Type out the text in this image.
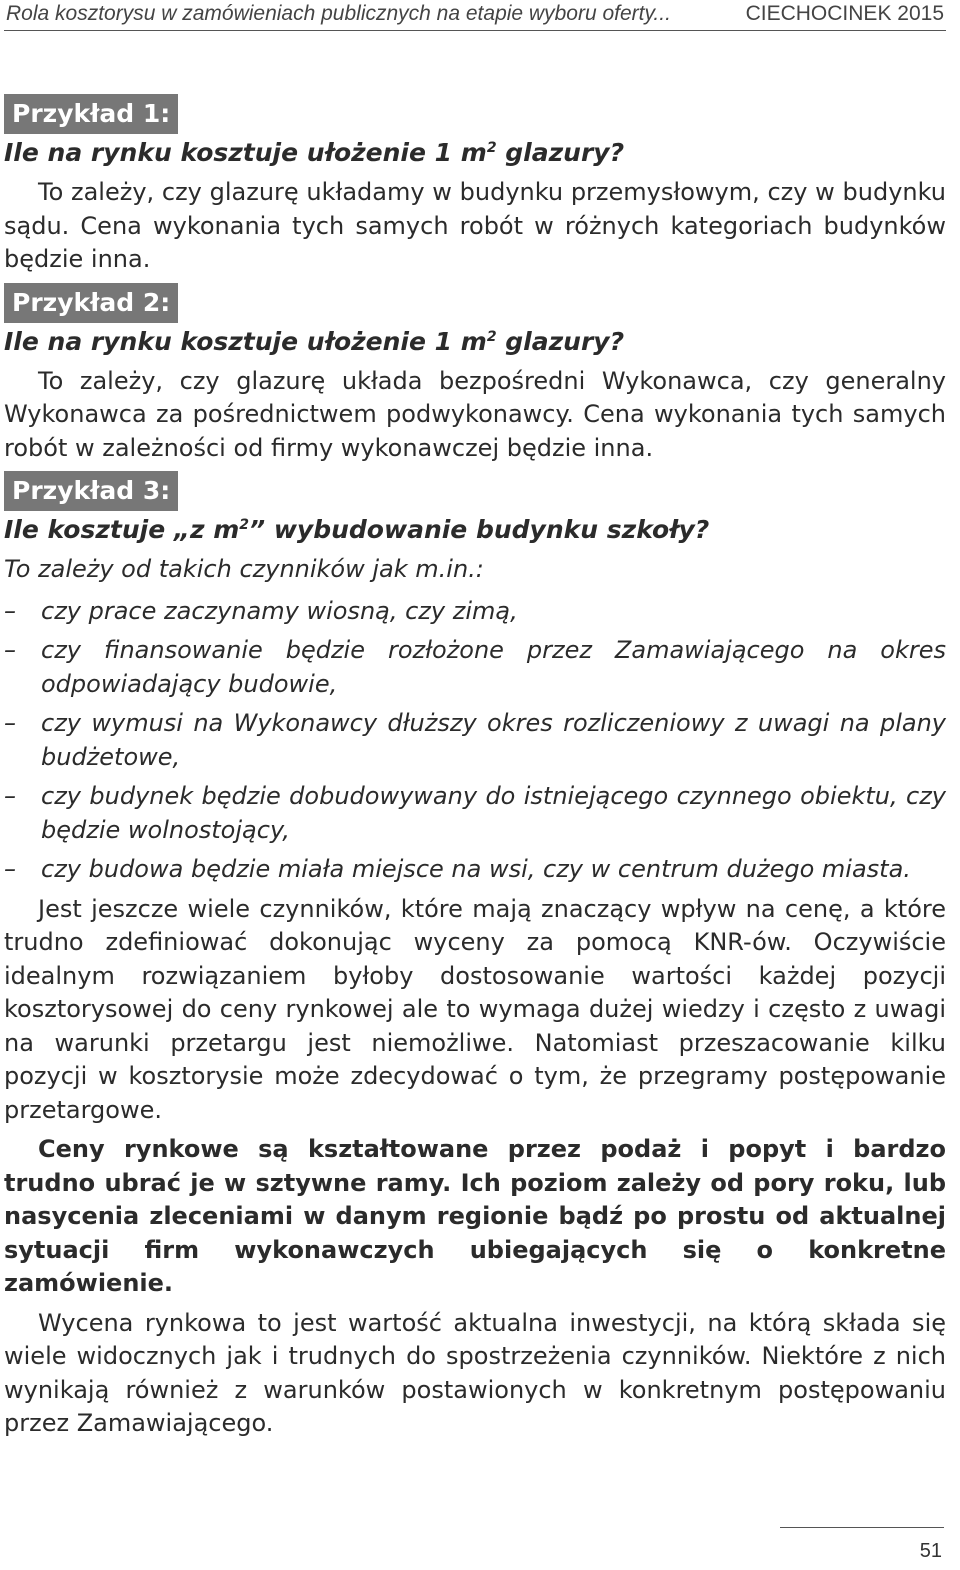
Rola kosztorysu w zamówieniach publicznych na etapie wyboru oferty...	CIECHOCINEK 2015
Przykład 1:
Ile na rynku kosztuje ułożenie 1 $m^2$ glazury?

To zależy, czy glazurę układamy w budynku przemysłowym, czy w budynku sądu. Cena wykonania tych samych robót w różnych kategoriach budynków będzie inna.

Przykład 2:
Ile na rynku kosztuje ułożenie 1 $m^2$ glazury?

To zależy, czy glazurę układa bezpośredni Wykonawca, czy generalny Wykonawca za pośrednictwem podwykonawcy. Cena wykonania tych samych robót w zależności od firmy wykonawczej będzie inna.

Przykład 3:
Ile kosztuje „z $m^2$” wybudowanie budynku szkoły?

To zależy od takich czynników jak m.in.:

– czy prace zaczynamy wiosną, czy zimą,
– czy finansowanie będzie rozłożone przez Zamawiającego na okres odpowiadający budowie,
– czy wymusi na Wykonawcy dłuższy okres rozliczeniowy z uwagi na plany budżetowe,
– czy budynek będzie dobudowywany do istniejącego czynnego obiektu, czy będzie wolnostojący,
– czy budowa będzie miała miejsce na wsi, czy w centrum dużego miasta.

Jest jeszcze wiele czynników, które mają znaczący wpływ na cenę, a które trudno zdefiniować dokonując wyceny za pomocą KNR-ów. Oczywiście idealnym rozwiązaniem byłoby dostosowanie wartości każdej pozycji kosztorysowej do ceny rynkowej ale to wymaga dużej wiedzy i często z uwagi na warunki przetargu jest niemożliwe. Natomiast przeszacowanie kilku pozycji w kosztorysie może zdecydować o tym, że przegramy postępowanie przetargowe.

Ceny rynkowe są kształtowane przez podaż i popyt i bardzo trudno ubrać je w sztywne ramy. Ich poziom zależy od pory roku, lub nasycenia zleceniami w danym regionie bądź po prostu od aktualnej sytuacji firm wykonawczych ubiegających się o konkretne zamówienie.

Wycena rynkowa to jest wartość aktualna inwestycji, na którą składa się wiele widocznych jak i trudnych do spostrzeżenia czynników. Niektóre z nich wynikają również z warunków postawionych w konkretnym postępowaniu przez Zamawiającego.

51
